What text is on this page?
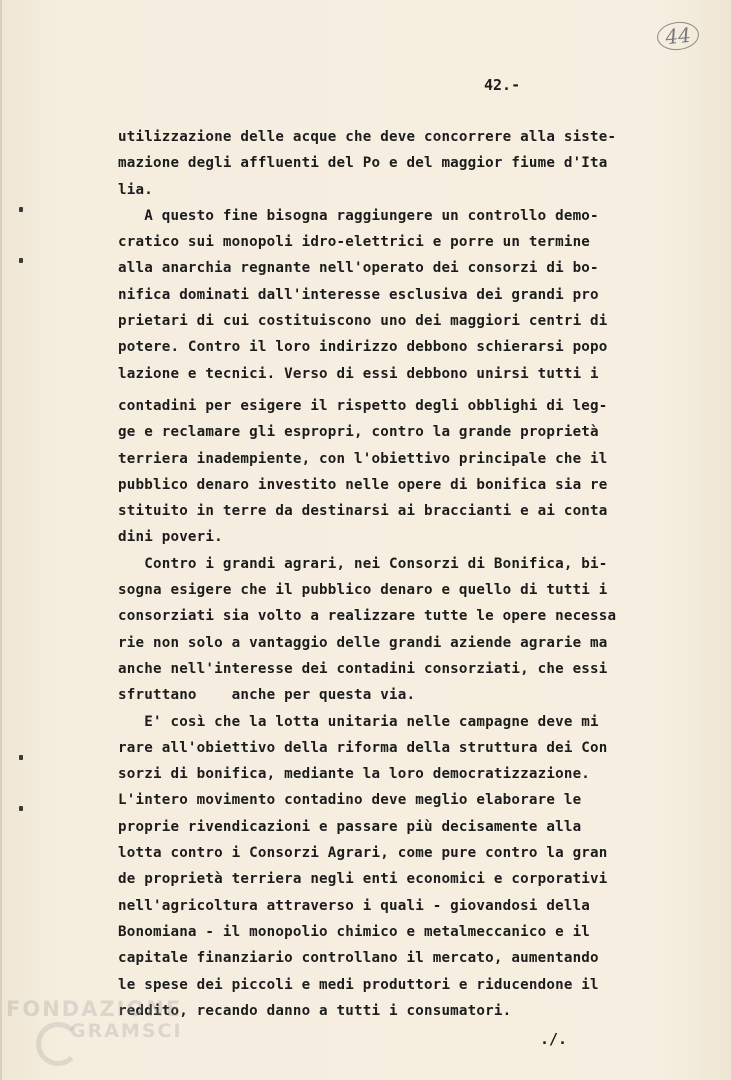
44
42.-
utilizzazione delle acque che deve concorrere alla siste-
mazione degli affluenti del Po e del maggior fiume d'Ita
lia.
A questo fine bisogna raggiungere un controllo demo-
cratico sui monopoli idro-elettrici e porre un termine
alla anarchia regnante nell'operato dei consorzi di bo-
nifica dominati dall'interesse esclusiva dei grandi pro
prietari di cui costituiscono uno dei maggiori centri di
potere. Contro il loro indirizzo debbono schierarsi popo
lazione e tecnici. Verso di essi debbono unirsi tutti i
contadini per esigere il rispetto degli obblighi di leg-
ge e reclamare gli espropri, contro la grande proprietà
terriera inadempiente, con l'obiettivo principale che il
pubblico denaro investito nelle opere di bonifica sia re
stituito in terre da destinarsi ai braccianti e ai conta
dini poveri.
Contro i grandi agrari, nei Consorzi di Bonifica, bi-
sogna esigere che il pubblico denaro e quello di tutti i
consorziati sia volto a realizzare tutte le opere necessa
rie non solo a vantaggio delle grandi aziende agrarie ma
anche nell'interesse dei contadini consorziati, che essi
sfruttano    anche per questa via.
E' così che la lotta unitaria nelle campagne deve mi
rare all'obiettivo della riforma della struttura dei Con
sorzi di bonifica, mediante la loro democratizzazione.
L'intero movimento contadino deve meglio elaborare le
proprie rivendicazioni e passare più decisamente alla
lotta contro i Consorzi Agrari, come pure contro la gran
de proprietà terriera negli enti economici e corporativi
nell'agricoltura attraverso i quali - giovandosi della
Bonomiana - il monopolio chimico e metalmeccanico e il
capitale finanziario controllano il mercato, aumentando
le spese dei piccoli e medi produttori e riducendone il
reddito, recando danno a tutti i consumatori.
./.
FONDAZIONE
GRAMSCI
